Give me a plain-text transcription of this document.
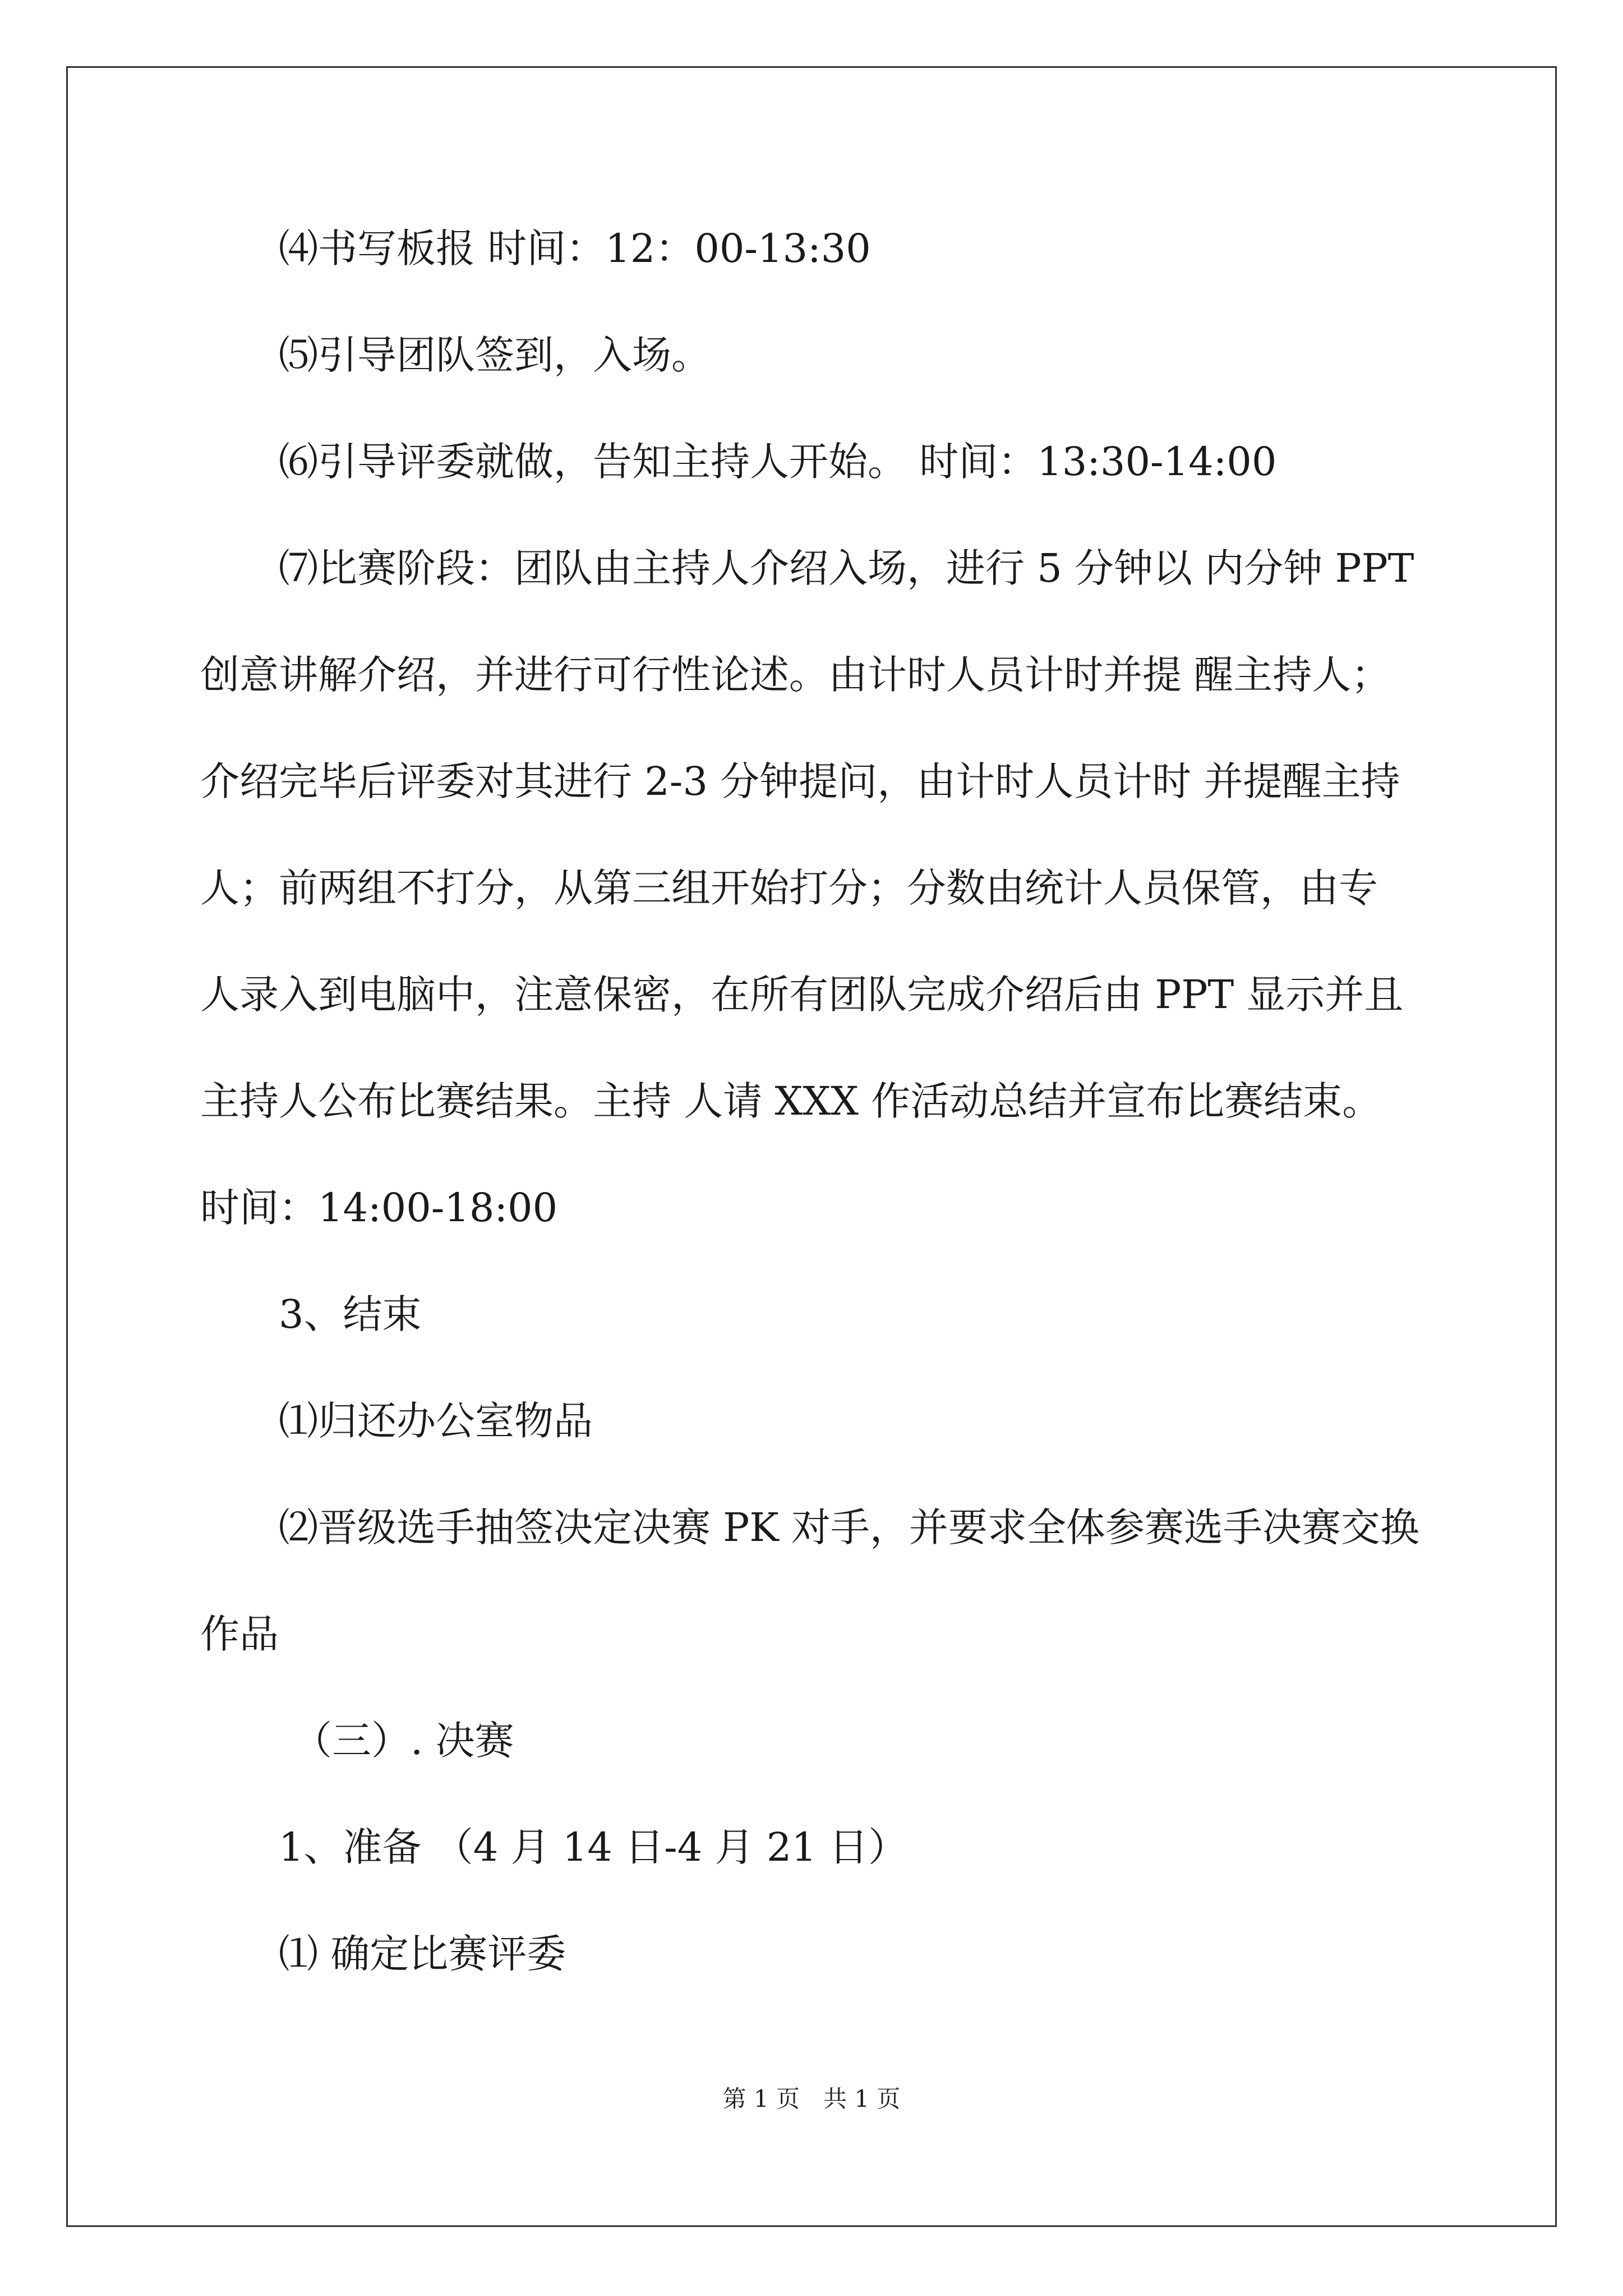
⑷书写板报 时间：12：00-13:30
⑸引导团队签到，入场。
⑹引导评委就做，告知主持人开始。 时间：13:30-14:00
⑺比赛阶段：团队由主持人介绍入场，进行 5 分钟以 内分钟 PPT
创意讲解介绍，并进行可行性论述。由计时人员计时并提 醒主持人；
介绍完毕后评委对其进行 2-3 分钟提问，由计时人员计时 并提醒主持
人；前两组不打分，从第三组开始打分；分数由统计人员保管，由专
人录入到电脑中，注意保密，在所有团队完成介绍后由 PPT 显示并且
主持人公布比赛结果。主持 人请 XXX 作活动总结并宣布比赛结束。
时间：14:00-18:00
3、结束
⑴归还办公室物品
⑵晋级选手抽签决定决赛 PK 对手，并要求全体参赛选手决赛交换
作品
（三）. 决赛
1、准备 （4 月 14 日-4 月 21 日）
⑴ 确定比赛评委
第 1 页　共 1 页
